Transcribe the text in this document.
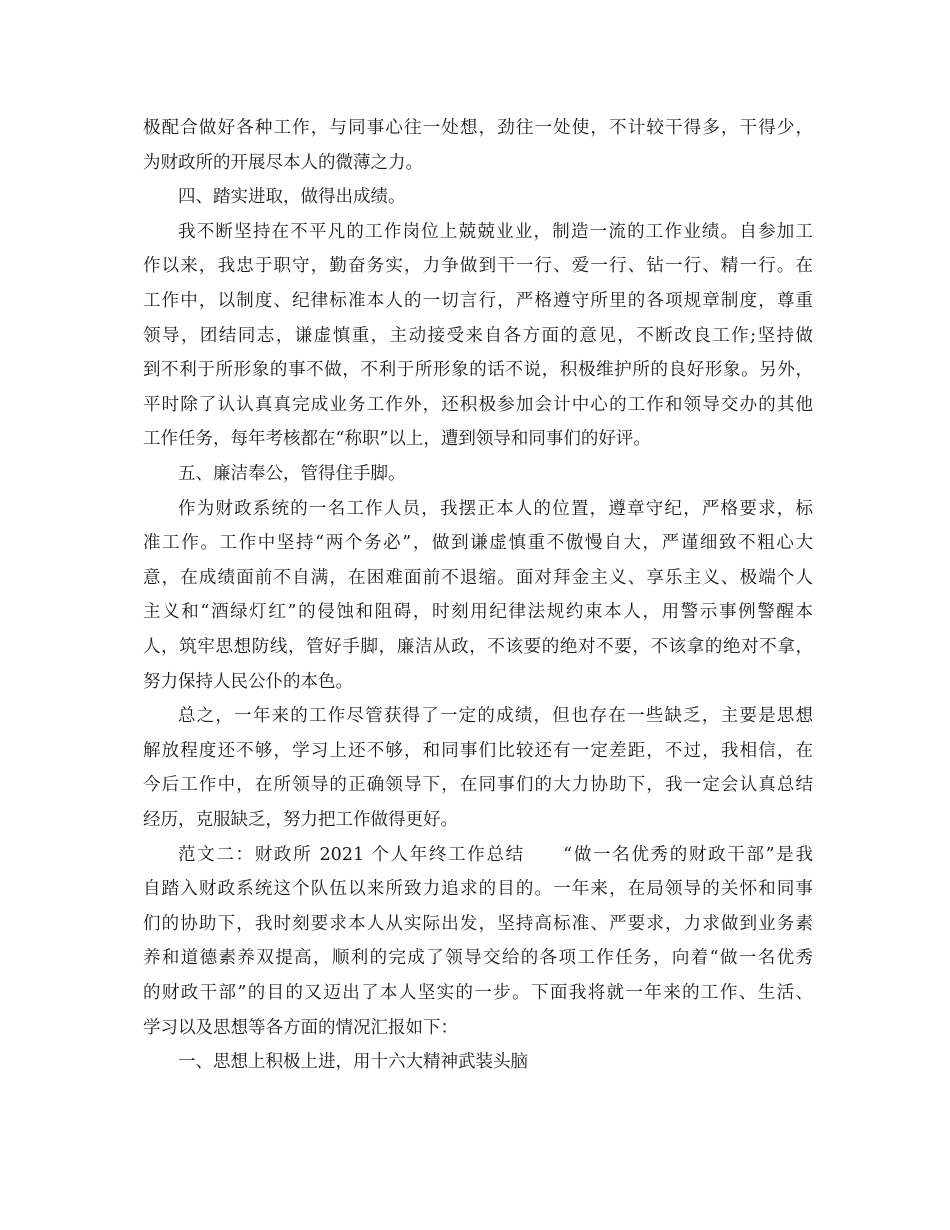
极配合做好各种工作，与同事心往一处想，劲往一处使，不计较干得多，干得少，
为财政所的开展尽本人的微薄之力。
四、踏实进取，做得出成绩。
我不断坚持在不平凡的工作岗位上兢兢业业，制造一流的工作业绩。自参加工
作以来，我忠于职守，勤奋务实，力争做到干一行、爱一行、钻一行、精一行。在
工作中，以制度、纪律标准本人的一切言行，严格遵守所里的各项规章制度，尊重
领导，团结同志，谦虚慎重，主动接受来自各方面的意见，不断改良工作;坚持做
到不利于所形象的事不做，不利于所形象的话不说，积极维护所的良好形象。另外，
平时除了认认真真完成业务工作外，还积极参加会计中心的工作和领导交办的其他
工作任务，每年考核都在“称职”以上，遭到领导和同事们的好评。
五、廉洁奉公，管得住手脚。
作为财政系统的一名工作人员，我摆正本人的位置，遵章守纪，严格要求，标
准工作。工作中坚持“两个务必”，做到谦虚慎重不傲慢自大，严谨细致不粗心大
意，在成绩面前不自满，在困难面前不退缩。面对拜金主义、享乐主义、极端个人
主义和“酒绿灯红”的侵蚀和阻碍，时刻用纪律法规约束本人，用警示事例警醒本
人，筑牢思想防线，管好手脚，廉洁从政，不该要的绝对不要，不该拿的绝对不拿，
努力保持人民公仆的本色。
总之，一年来的工作尽管获得了一定的成绩，但也存在一些缺乏，主要是思想
解放程度还不够，学习上还不够，和同事们比较还有一定差距，不过，我相信，在
今后工作中，在所领导的正确领导下，在同事们的大力协助下，我一定会认真总结
经历，克服缺乏，努力把工作做得更好。
范文二：财政所 2021 个人年终工作总结　　“做一名优秀的财政干部”是我
自踏入财政系统这个队伍以来所致力追求的目的。一年来，在局领导的关怀和同事
们的协助下，我时刻要求本人从实际出发，坚持高标准、严要求，力求做到业务素
养和道德素养双提高，顺利的完成了领导交给的各项工作任务，向着“做一名优秀
的财政干部”的目的又迈出了本人坚实的一步。下面我将就一年来的工作、生活、
学习以及思想等各方面的情况汇报如下：
一、思想上积极上进，用十六大精神武装头脑
